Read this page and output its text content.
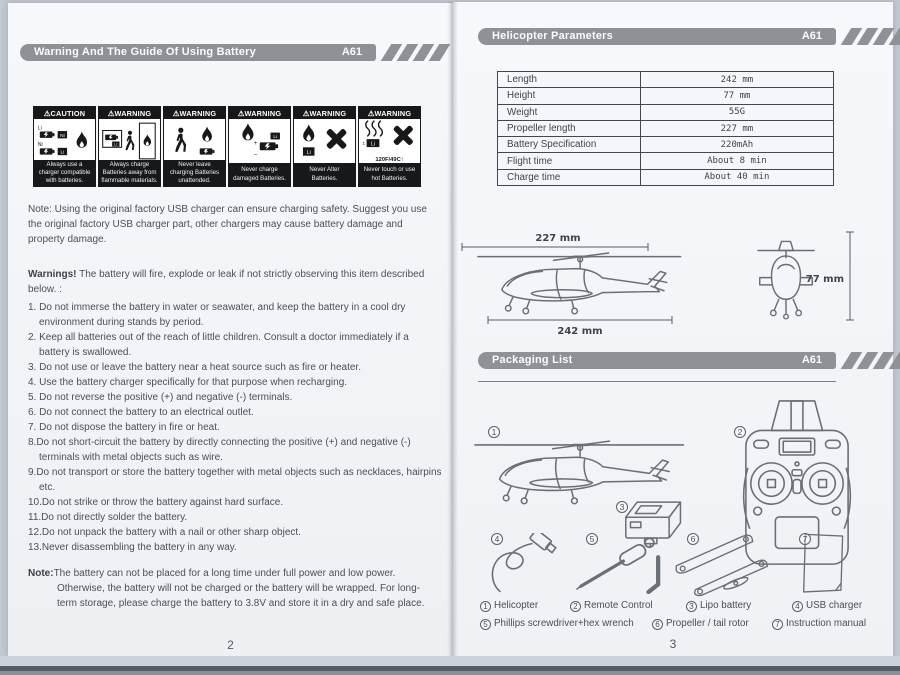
Warning And The Guide Of Using Battery	A61
⚠CAUTION
Li
Ni
Ni
Li
Always use a charger compatible with batteries.
⚠WARNING
Li
Always charge Batteries away from flammable materials.
⚠WARNING
Never leave charging Batteries unattended.
⚠WARNING
+
Li
−
Never charge damaged Batteries.
⚠WARNING
Li
Never Alter Batteries.
⚠WARNING
± Li
120F/49C↑
Never touch or use hot Batteries.
Note: Using the original factory USB charger can ensure charging safety. Suggest you use the original factory USB charger part, other chargers may cause battery damage and property damage.
Warnings! The battery will fire, explode or leak if not strictly observing this item described below. :
1. Do not immerse the battery in water or seawater, and keep the battery in a cool dry environment during stands by period.
2. Keep all batteries out of the reach of little children. Consult a doctor immediately if a battery is swallowed.
3. Do not use or leave the battery near a heat source such as fire or heater.
4. Use the battery charger specifically for that purpose when recharging.
5. Do not reverse the positive (+) and negative (-) terminals.
6. Do not connect the battery to an electrical outlet.
7. Do not dispose the battery in fire or heat.
8.Do not short-circuit the battery by directly connecting the positive (+) and negative (-) terminals with metal objects such as wire.
9.Do not transport or store the battery together with metal objects such as necklaces, hairpins etc.
10.Do not strike or throw the battery against hard surface.
11.Do not directly solder the battery.
12.Do not unpack the battery with a nail or other sharp object.
13.Never disassembling the battery in any way.
Note:The battery can not be placed for a long time under full power and low power.
Otherwise, the battery will not be charged or the battery will be wrapped. For long-term storage, please charge the battery to 3.8V and store it in a dry and safe place.
2
Helicopter Parameters	A61
Length	242 mm
Height	77 mm
Weight	55G
Propeller length	227 mm
Battery Specification	220mAh
Flight time	About 8 min
Charge time	About 40 min
227 mm
242 mm
77 mm
Packaging List	A61
1	2
3
4	5	6	7
1 Helicopter	2 Remote Control	3 Lipo battery	4 USB charger
5 Phillips screwdriver+hex wrench	6 Propeller / tail rotor	7 Instruction manual
3
